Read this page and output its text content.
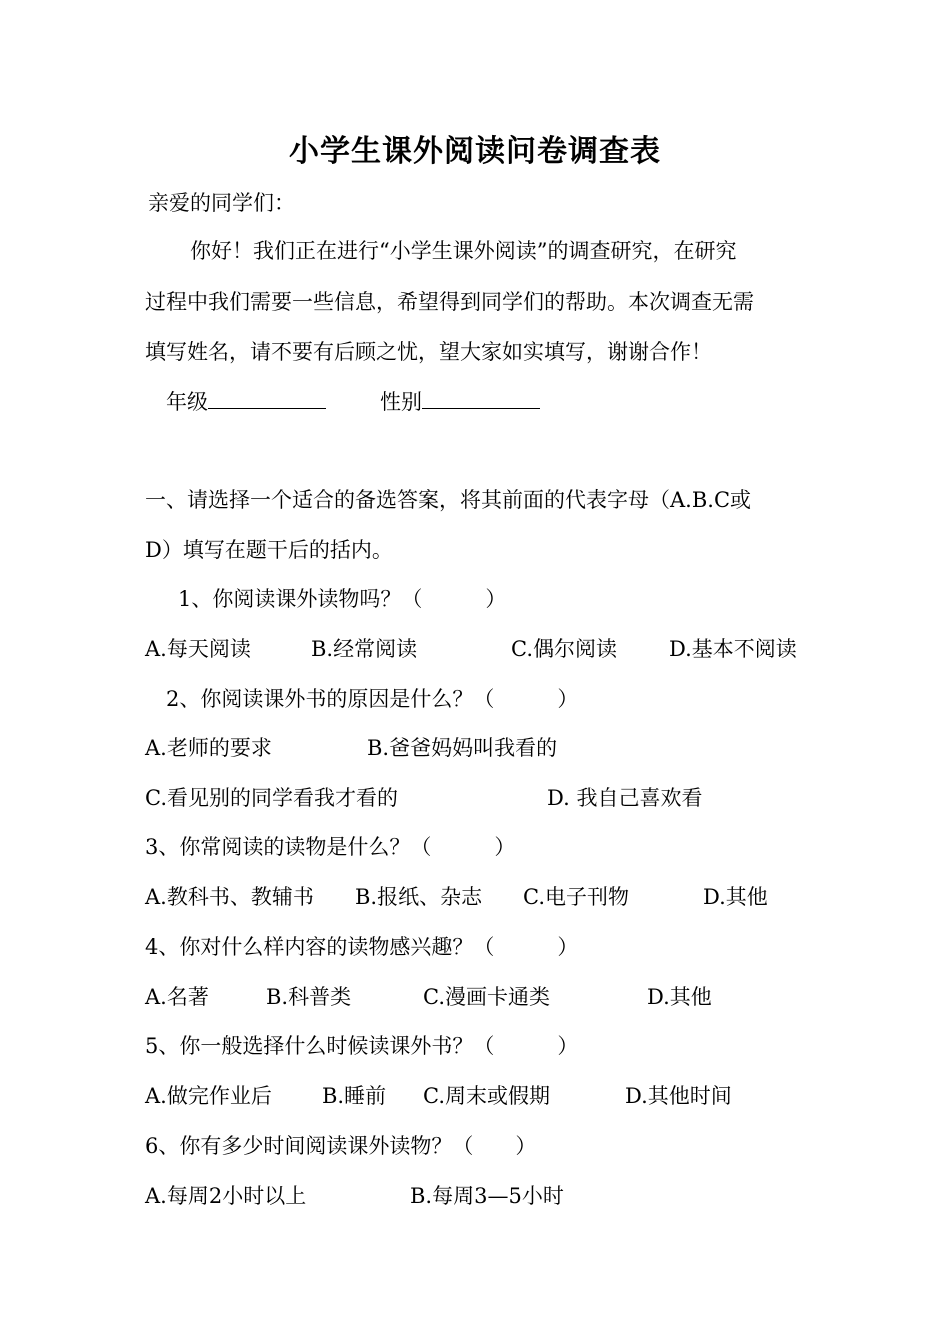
小学生课外阅读问卷调查表
亲爱的同学们：
你好！我们正在进行“小学生课外阅读”的调查研究，在研究
过程中我们需要一些信息，希望得到同学们的帮助。本次调查无需
填写姓名，请不要有后顾之忧，望大家如实填写，谢谢合作！
年级	性别
一、请选择一个适合的备选答案，将其前面的代表字母（A.B.C或
D）填写在题干后的括内。
1、你阅读课外读物吗？（　　　）
A.每天阅读	B.经常阅读	C.偶尔阅读 D.基本不阅读
2、你阅读课外书的原因是什么？（　　　）
A.老师的要求	B.爸爸妈妈叫我看的
C.看见别的同学看我才看的	D. 我自己喜欢看
3、你常阅读的读物是什么？（　　　）
A.教科书、教辅书 B.报纸、杂志 C.电子刊物	D.其他
4、你对什么样内容的读物感兴趣？（　　　）
A.名著	B.科普类	C.漫画卡通类	D.其他
5、你一般选择什么时候读课外书？（　　　）
A.做完作业后 B.睡前 C.周末或假期	D.其他时间
6、你有多少时间阅读课外读物？（　　）
A.每周2小时以上	B.每周3—5小时
